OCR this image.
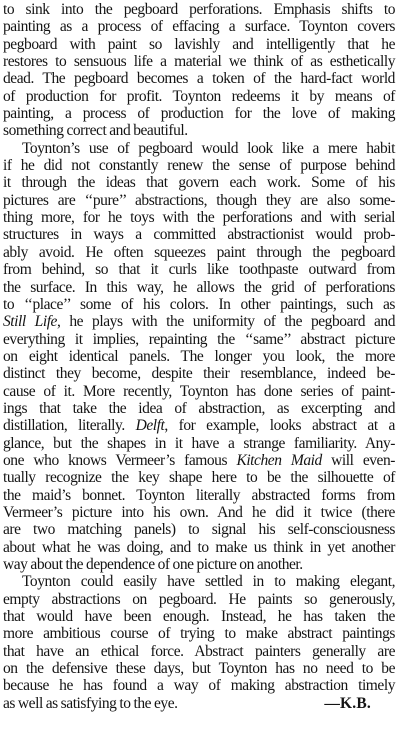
to sink into the pegboard perforations. Emphasis shifts to
painting as a process of effacing a surface. Toynton covers
pegboard with paint so lavishly and intelligently that he
restores to sensuous life a material we think of as esthetically
dead. The pegboard becomes a token of the hard-fact world
of production for profit. Toynton redeems it by means of
painting, a process of production for the love of making
something correct and beautiful.
Toynton’s use of pegboard would look like a mere habit
if he did not constantly renew the sense of purpose behind
it through the ideas that govern each work. Some of his
pictures are ‘‘pure’’ abstractions, though they are also some-
thing more, for he toys with the perforations and with serial
structures in ways a committed abstractionist would prob-
ably avoid. He often squeezes paint through the pegboard
from behind, so that it curls like toothpaste outward from
the surface. In this way, he allows the grid of perforations
to ‘‘place’’ some of his colors. In other paintings, such as
Still Life, he plays with the uniformity of the pegboard and
everything it implies, repainting the ‘‘same’’ abstract picture
on eight identical panels. The longer you look, the more
distinct they become, despite their resemblance, indeed be-
cause of it. More recently, Toynton has done series of paint-
ings that take the idea of abstraction, as excerpting and
distillation, literally. Delft, for example, looks abstract at a
glance, but the shapes in it have a strange familiarity. Any-
one who knows Vermeer’s famous Kitchen Maid will even-
tually recognize the key shape here to be the silhouette of
the maid’s bonnet. Toynton literally abstracted forms from
Vermeer’s picture into his own. And he did it twice (there
are two matching panels) to signal his self-consciousness
about what he was doing, and to make us think in yet another
way about the dependence of one picture on another.
Toynton could easily have settled in to making elegant,
empty abstractions on pegboard. He paints so generously,
that would have been enough. Instead, he has taken the
more ambitious course of trying to make abstract paintings
that have an ethical force. Abstract painters generally are
on the defensive these days, but Toynton has no need to be
because he has found a way of making abstraction timely
as well as satisfying to the eye.	—K.B.
